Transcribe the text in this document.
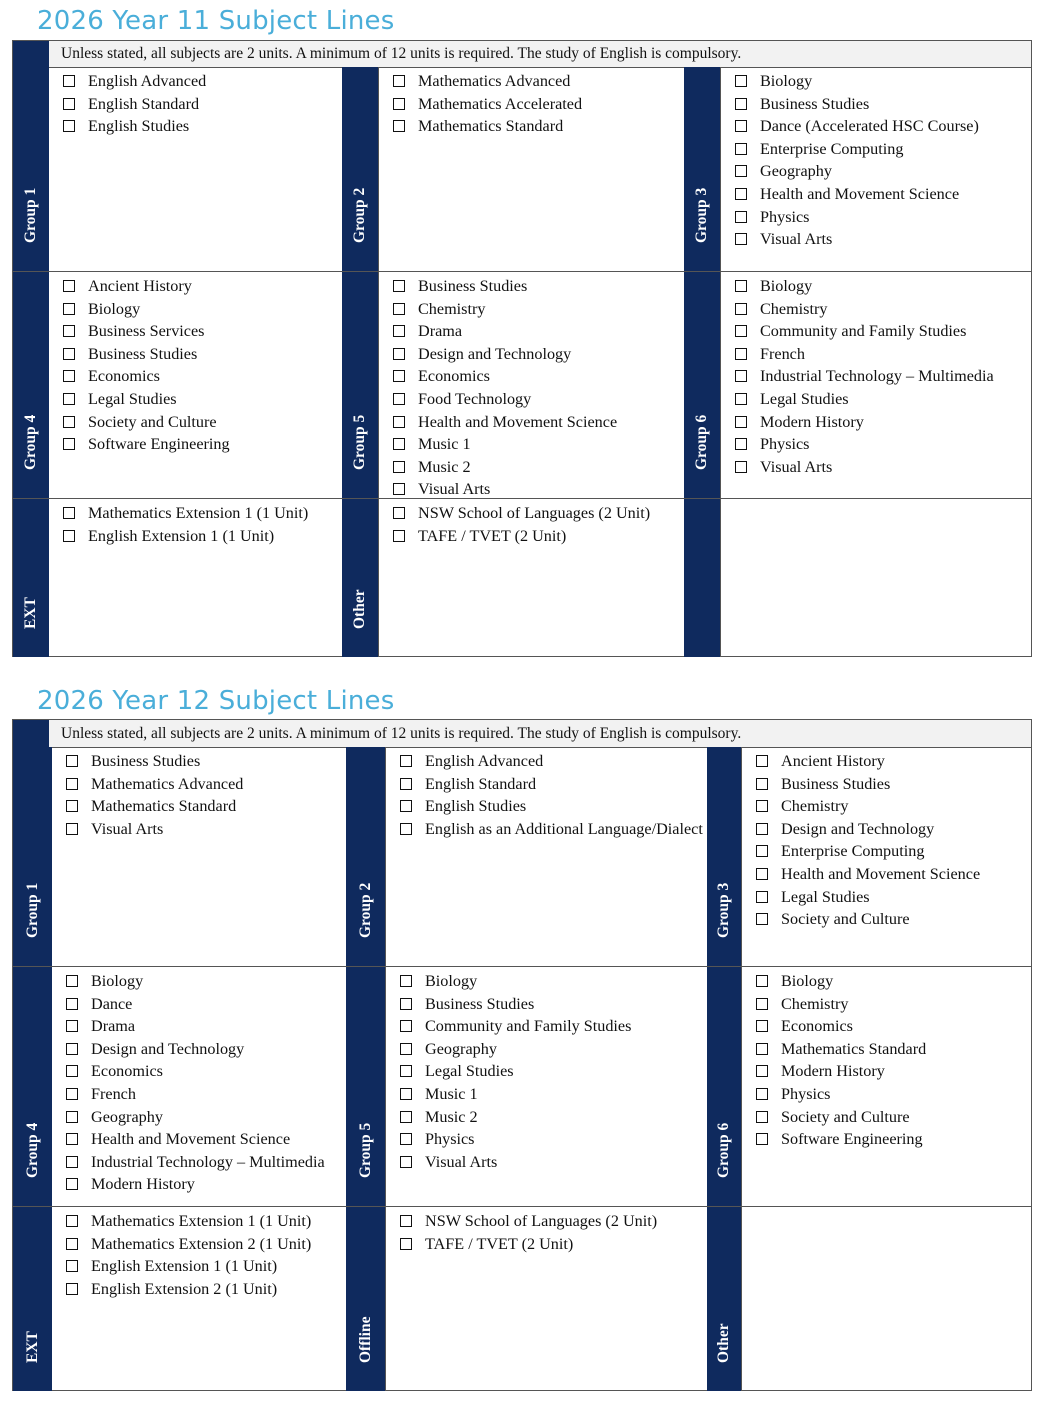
2026 Year 11 Subject Lines
Unless stated, all subjects are 2 units. A minimum of 12 units is required. The study of English is compulsory.
Group 1
English Advanced
English Standard
English Studies
Group 2
Mathematics Advanced
Mathematics Accelerated
Mathematics Standard
Group 3
Biology
Business Studies
Dance (Accelerated HSC Course)
Enterprise Computing
Geography
Health and Movement Science
Physics
Visual Arts
Group 4
Ancient History
Biology
Business Services
Business Studies
Economics
Legal Studies
Society and Culture
Software Engineering	Group 5
Business Studies
Chemistry
Drama
Design and Technology
Economics
Food Technology
Health and Movement Science
Music 1
Music 2
Visual Arts
Group 6
Biology
Chemistry
Community and Family Studies
French
Industrial Technology – Multimedia
Legal Studies
Modern History
Physics
Visual Arts
EXT
Mathematics Extension 1 (1 Unit)
English Extension 1 (1 Unit)
Other
NSW School of Languages (2 Unit)
TAFE / TVET (2 Unit)
2026 Year 12 Subject Lines
Unless stated, all subjects are 2 units. A minimum of 12 units is required. The study of English is compulsory.
Group 1
Business Studies
Mathematics Advanced
Mathematics Standard
Visual Arts
Group 2
English Advanced
English Standard
English Studies
English as an Additional Language/Dialect
Group 3
Ancient History
Business Studies
Chemistry
Design and Technology
Enterprise Computing
Health and Movement Science
Legal Studies
Society and Culture
Group 4
Biology
Dance
Drama
Design and Technology
Economics
French
Geography
Health and Movement Science
Industrial Technology – Multimedia
Modern History
Group 5
Biology
Business Studies
Community and Family Studies
Geography
Legal Studies
Music 1
Music 2
Physics
Visual Arts	Group 6
Biology
Chemistry
Economics
Mathematics Standard
Modern History
Physics
Society and Culture
Software Engineering
EXT
Mathematics Extension 1 (1 Unit)
Mathematics Extension 2 (1 Unit)
English Extension 1 (1 Unit)
English Extension 2 (1 Unit)
Offline
NSW School of Languages (2 Unit)
TAFE / TVET (2 Unit)
Other
